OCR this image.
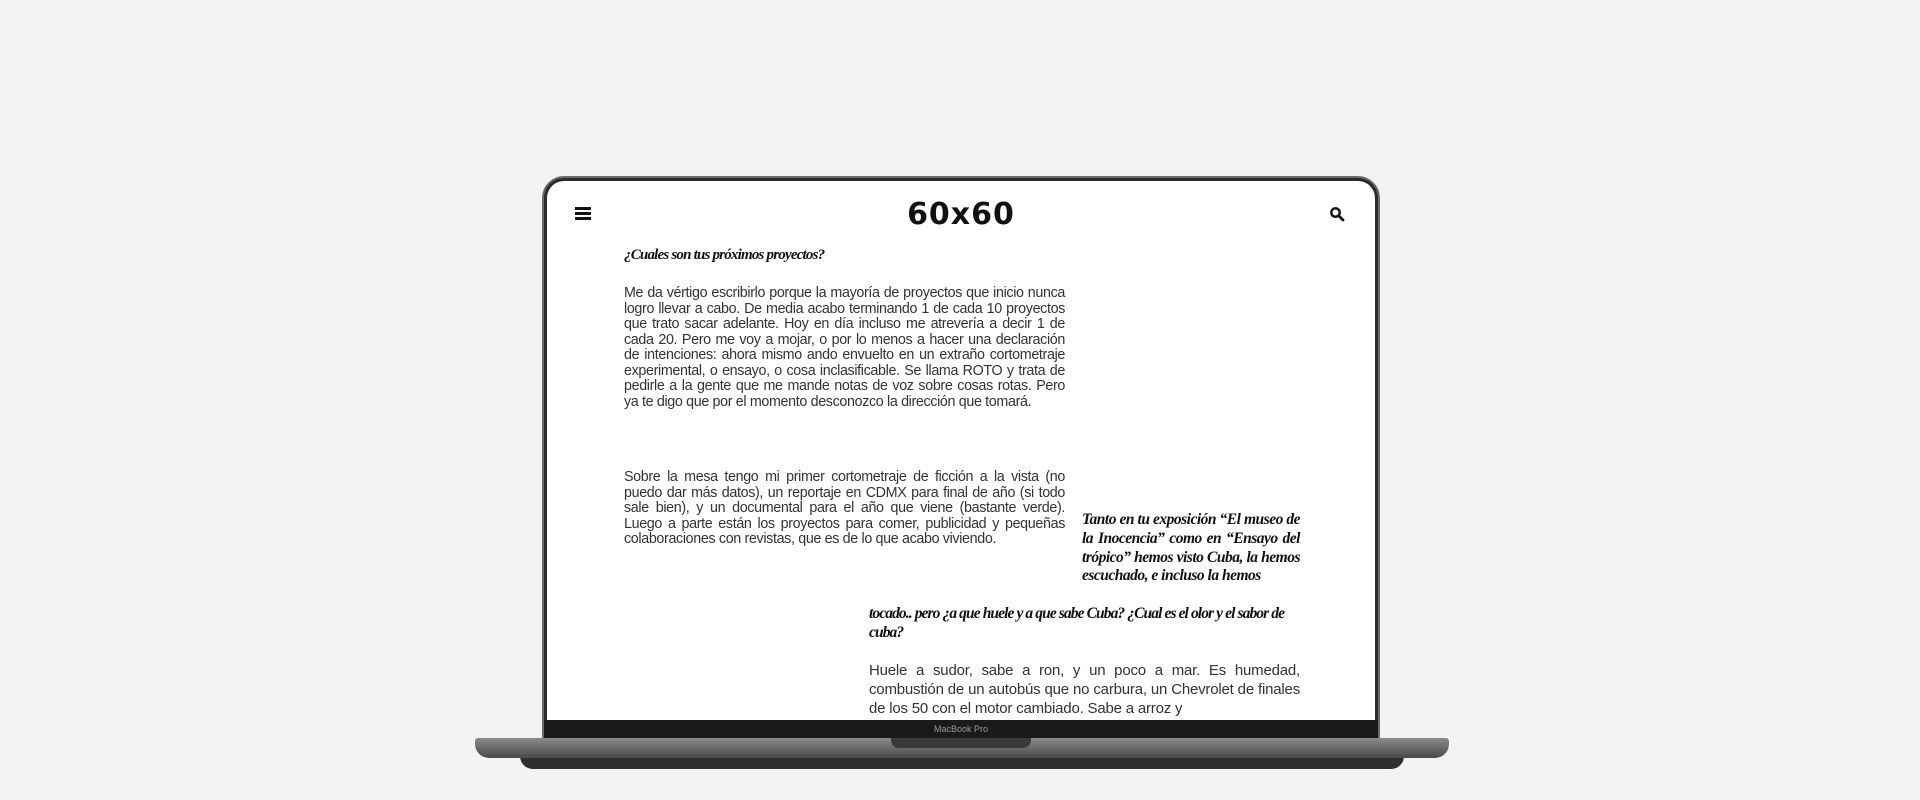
60x60
¿Cuales son tus próximos proyectos?

Me da vértigo escribirlo porque la mayoría de proyectos que inicio nunca logro llevar a cabo. De media acabo terminando 1 de cada 10 proyectos que trato sacar adelante. Hoy en día incluso me atrevería a decir 1 de cada 20. Pero me voy a mojar, o por lo menos a hacer una declaración de intenciones: ahora mismo ando envuelto en un extraño cortometraje experimental, o ensayo, o cosa inclasificable. Se llama ROTO y trata de pedirle a la gente que me mande notas de voz sobre cosas rotas. Pero ya te digo que por el momento desconozco la dirección que tomará.

Sobre la mesa tengo mi primer cortometraje de ficción a la vista (no puedo dar más datos), un reportaje en CDMX para final de año (si todo sale bien), y un documental para el año que viene (bastante verde). Luego a parte están los proyectos para comer, publicidad y pequeñas colaboraciones con revistas, que es de lo que acabo viviendo.

Tanto en tu exposición “El museo de la Inocencia” como en “Ensayo del trópico” hemos visto Cuba, la hemos escuchado, e incluso la hemos
tocado.. pero ¿a que huele y a que sabe Cuba? ¿Cual es el olor y el sabor de cuba?

Huele a sudor, sabe a ron, y un poco a mar. Es humedad, combustión de un autobús que no carbura, un Chevrolet de finales de los 50 con el motor cambiado. Sabe a arroz y

MacBook Pro
